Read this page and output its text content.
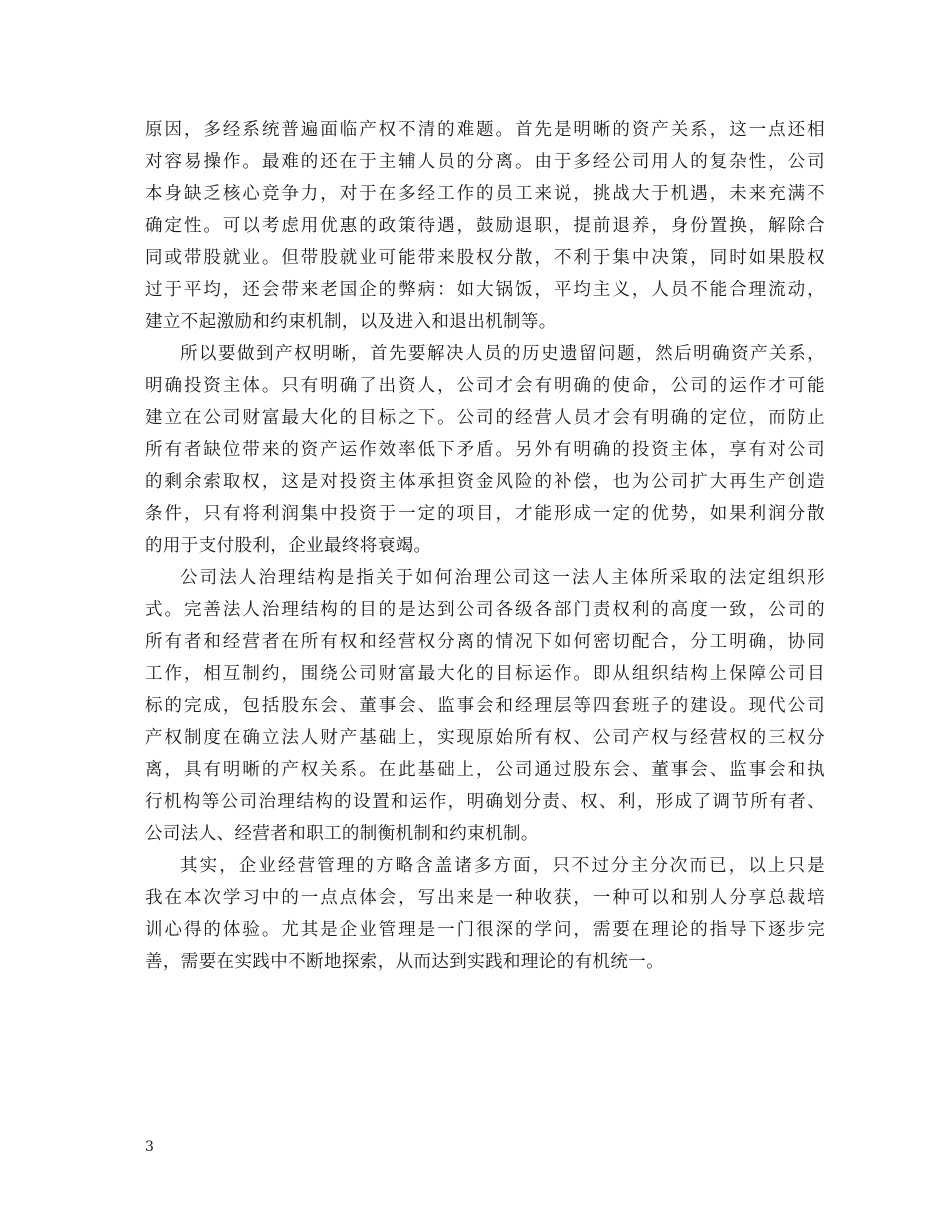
原因，多经系统普遍面临产权不清的难题。首先是明晰的资产关系，这一点还相
对容易操作。最难的还在于主辅人员的分离。由于多经公司用人的复杂性，公司
本身缺乏核心竞争力，对于在多经工作的员工来说，挑战大于机遇，未来充满不
确定性。可以考虑用优惠的政策待遇，鼓励退职，提前退养，身份置换，解除合
同或带股就业。但带股就业可能带来股权分散，不利于集中决策，同时如果股权
过于平均，还会带来老国企的弊病：如大锅饭，平均主义，人员不能合理流动，
建立不起激励和约束机制，以及进入和退出机制等。
所以要做到产权明晰，首先要解决人员的历史遗留问题，然后明确资产关系，
明确投资主体。只有明确了出资人，公司才会有明确的使命，公司的运作才可能
建立在公司财富最大化的目标之下。公司的经营人员才会有明确的定位，而防止
所有者缺位带来的资产运作效率低下矛盾。另外有明确的投资主体，享有对公司
的剩余索取权，这是对投资主体承担资金风险的补偿，也为公司扩大再生产创造
条件，只有将利润集中投资于一定的项目，才能形成一定的优势，如果利润分散
的用于支付股利，企业最终将衰竭。
公司法人治理结构是指关于如何治理公司这一法人主体所采取的法定组织形
式。完善法人治理结构的目的是达到公司各级各部门责权利的高度一致，公司的
所有者和经营者在所有权和经营权分离的情况下如何密切配合，分工明确，协同
工作，相互制约，围绕公司财富最大化的目标运作。即从组织结构上保障公司目
标的完成，包括股东会、董事会、监事会和经理层等四套班子的建设。现代公司
产权制度在确立法人财产基础上，实现原始所有权、公司产权与经营权的三权分
离，具有明晰的产权关系。在此基础上，公司通过股东会、董事会、监事会和执
行机构等公司治理结构的设置和运作，明确划分责、权、利，形成了调节所有者、
公司法人、经营者和职工的制衡机制和约束机制。
其实，企业经营管理的方略含盖诸多方面，只不过分主分次而已，以上只是
我在本次学习中的一点点体会，写出来是一种收获，一种可以和别人分享总裁培
训心得的体验。尤其是企业管理是一门很深的学问，需要在理论的指导下逐步完
善，需要在实践中不断地探索，从而达到实践和理论的有机统一。
3
